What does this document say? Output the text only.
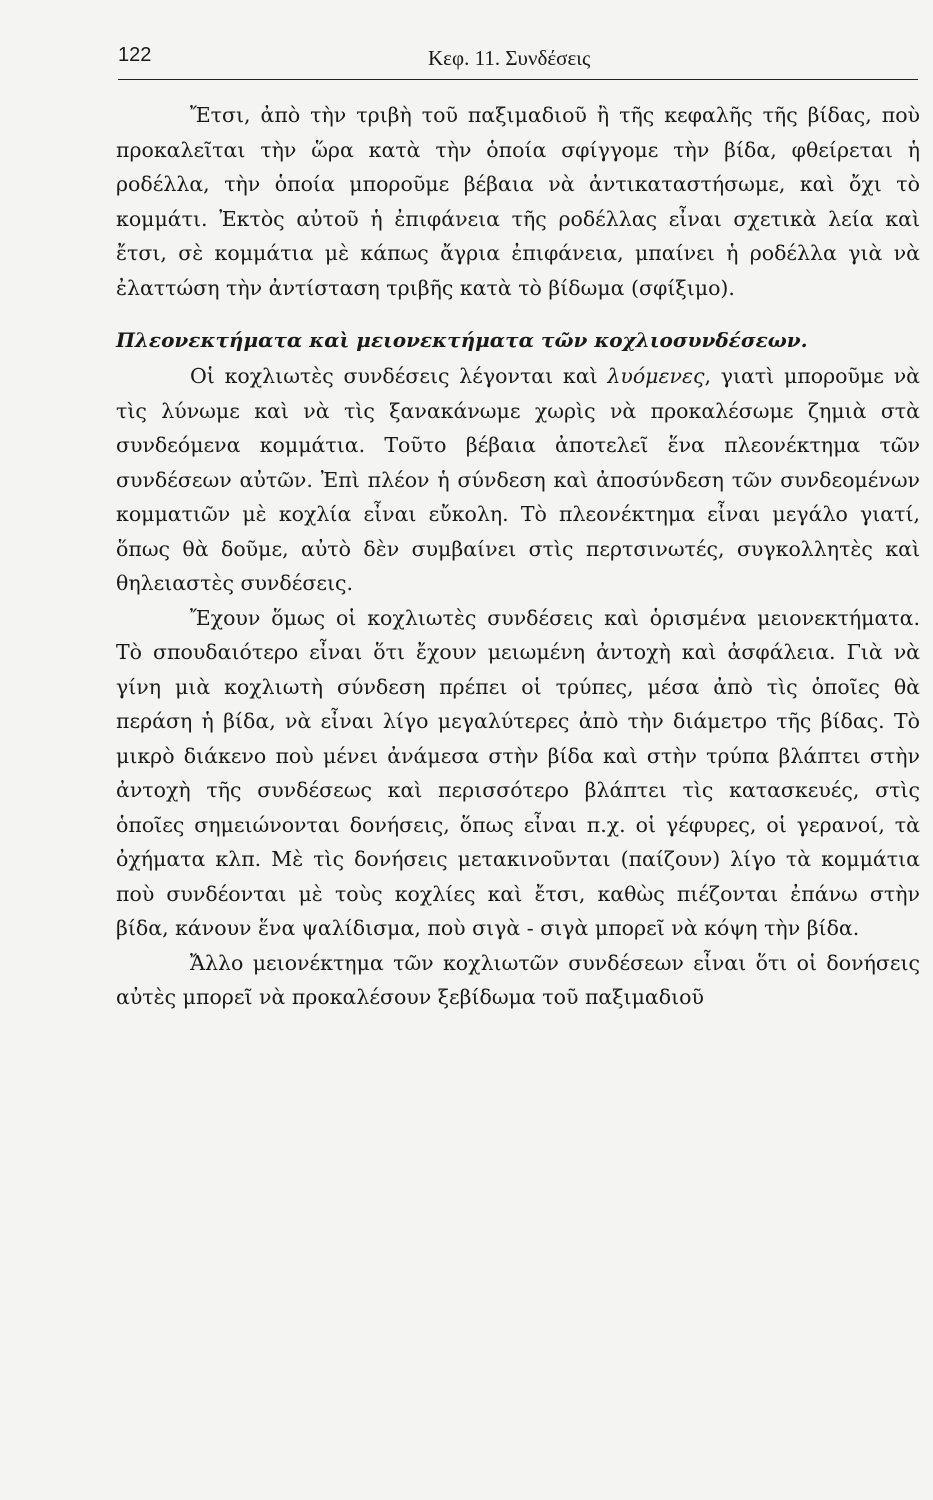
122	Κεφ. 11. Συνδέσεις

Ἔτσι, ἀπὸ τὴν τριβὴ τοῦ παξιμαδιοῦ ἢ τῆς κεφαλῆς τῆς βίδας, ποὺ προκαλεῖται τὴν ὥρα κατὰ τὴν ὁποία σφίγγομε τὴν βίδα, φθείρεται ἡ ροδέλλα, τὴν ὁποία μποροῦμε βέβαια νὰ ἀντικαταστήσωμε, καὶ ὄχι τὸ κομμάτι. Ἐκτὸς αὐτοῦ ἡ ἐπιφάνεια τῆς ροδέλλας εἶναι σχετικὰ λεία καὶ ἔτσι, σὲ κομμάτια μὲ κάπως ἄγρια ἐπιφάνεια, μπαίνει ἡ ροδέλλα γιὰ νὰ ἐλαττώση τὴν ἀντίσταση τριβῆς κατὰ τὸ βίδωμα (σφίξιμο).

Πλεονεκτήματα καὶ μειονεκτήματα τῶν κοχλιοσυνδέσεων.

Οἱ κοχλιωτὲς συνδέσεις λέγονται καὶ λυόμενες, γιατὶ μποροῦμε νὰ τὶς λύνωμε καὶ νὰ τὶς ξανακάνωμε χωρὶς νὰ προκαλέσωμε ζημιὰ στὰ συνδεόμενα κομμάτια. Τοῦτο βέβαια ἀποτελεῖ ἕνα πλεονέκτημα τῶν συνδέσεων αὐτῶν. Ἐπὶ πλέον ἡ σύνδεση καὶ ἀποσύνδεση τῶν συνδεομένων κομματιῶν μὲ κοχλία εἶναι εὔκολη. Τὸ πλεονέκτημα εἶναι μεγάλο γιατί, ὅπως θὰ δοῦμε, αὐτὸ δὲν συμβαίνει στὶς περτσινωτές, συγκολλητὲς καὶ θηλειαστὲς συνδέσεις.

Ἔχουν ὅμως οἱ κοχλιωτὲς συνδέσεις καὶ ὁρισμένα μειονεκτήματα. Τὸ σπουδαιότερο εἶναι ὅτι ἔχουν μειωμένη ἀντοχὴ καὶ ἀσφάλεια. Γιὰ νὰ γίνη μιὰ κοχλιωτὴ σύνδεση πρέπει οἱ τρύπες, μέσα ἀπὸ τὶς ὁποῖες θὰ περάση ἡ βίδα, νὰ εἶναι λίγο μεγαλύτερες ἀπὸ τὴν διάμετρο τῆς βίδας. Τὸ μικρὸ διάκενο ποὺ μένει ἀνάμεσα στὴν βίδα καὶ στὴν τρύπα βλάπτει στὴν ἀντοχὴ τῆς συνδέσεως καὶ περισσότερο βλάπτει τὶς κατασκευές, στὶς ὁποῖες σημειώνονται δονήσεις, ὅπως εἶναι π.χ. οἱ γέφυρες, οἱ γερανοί, τὰ ὀχήματα κλπ. Μὲ τὶς δονήσεις μετακινοῦνται (παίζουν) λίγο τὰ κομμάτια ποὺ συνδέονται μὲ τοὺς κοχλίες καὶ ἔτσι, καθὼς πιέζονται ἐπάνω στὴν βίδα, κάνουν ἕνα ψαλίδισμα, ποὺ σιγὰ - σιγὰ μπορεῖ νὰ κόψη τὴν βίδα.

Ἄλλο μειονέκτημα τῶν κοχλιωτῶν συνδέσεων εἶναι ὅτι οἱ δονήσεις αὐτὲς μπορεῖ νὰ προκαλέσουν ξεβίδωμα τοῦ παξιμαδιοῦ
